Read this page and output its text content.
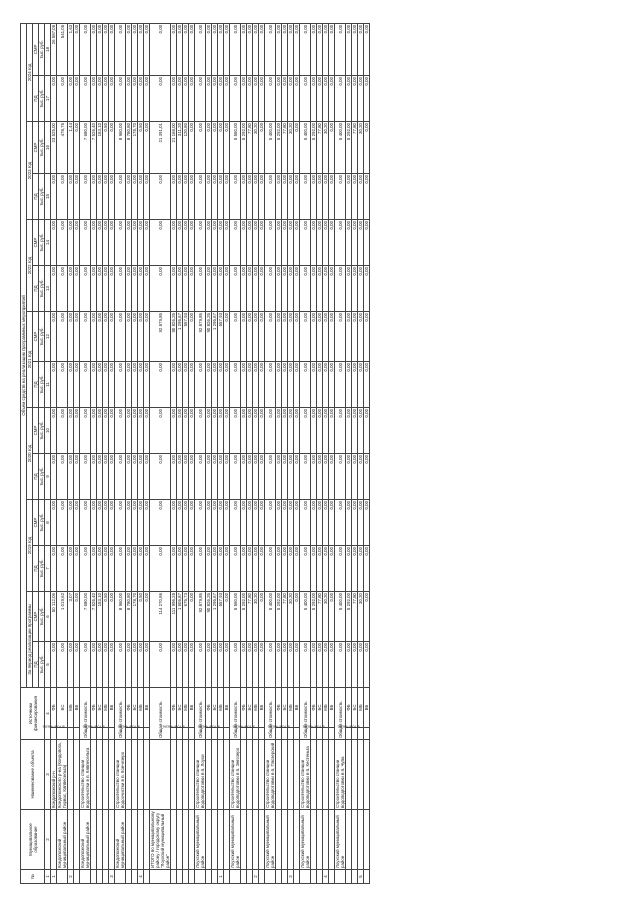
№	Муниципальное образование	Наименование объекта	Источники финансирования		Объем средств на реализацию программных мероприятий													
					За период реализации программы		2019 год		2020 год		2021 год		2022 год		2023 год		2024 год	
					ПД	СМР	ПД	СМР	ПД	СМР	ПД	СМР	ПД	СМР	ПД	СМР	ПД	СМР
					тыс. руб.	тыс. руб.	тыс. руб.	тыс. руб.	тыс. руб.	тыс. руб.	тыс. руб.	тыс. руб.	тыс. руб.	тыс. руб.	тыс. руб.	тыс. руб.	тыс. руб.	тыс. руб.
1	2	3	4		5	6	7	8	9	10	11	12	13	14	15	16	17	18
1		Кондопожский р-н	в том числе	ФБ	0,00	50 112,06	0,00	0,00	0,00	0,00	0,00	0,00	0,00	0,00	0,00	23 525,00	0,00	26 587,06
	Кондопожский муниципальный район	Кондопожского р-на (Кондопога, Гирвас, Кяппесельга)		БС	0,00	1 019,62	0,00	0,00	0,00	0,00	0,00	0,00	0,00	0,00	0,00	478,76	0,00	541,06
2				МБ	0,00	3,07	0,00	0,00	0,00	0,00	0,00	0,00	0,00	0,00	0,00	1,44	0,00	1,63
				ВБ	0,00	0,00	0,00	0,00	0,00	0,00	0,00	0,00	0,00	0,00	0,00	0,00	0,00	0,00
	Кондопожский муниципальный район	Строительство станции водоочистки в п. Кяппесельга	Общая стоимость		0,00	7 680,00	0,00	0,00	0,00	0,00	0,00	0,00	0,00	0,00	0,00	7 680,00	0,00	0,00
			в том числе	ФБ	0,00	7 526,40	0,00	0,00	0,00	0,00	0,00	0,00	0,00	0,00	0,00	7 526,40	0,00	0,00
				БС	0,00	153,10	0,00	0,00	0,00	0,00	0,00	0,00	0,00	0,00	0,00	153,10	0,00	0,00
				МБ	0,00	0,50	0,00	0,00	0,00	0,00	0,00	0,00	0,00	0,00	0,00	0,50	0,00	0,00
3				ВБ	0,00	0,00	0,00	0,00	0,00	0,00	0,00	0,00	0,00	0,00	0,00	0,00	0,00	0,00
	Кондопожский муниципальный район	Строительство станции водоочистки в п. Кончезеро	Общая стоимость		0,00	8 960,00	0,00	0,00	0,00	0,00	0,00	0,00	0,00	0,00	0,00	8 960,00	0,00	0,00
			в том числе	ФБ	0,00	8 780,80	0,00	0,00	0,00	0,00	0,00	0,00	0,00	0,00	0,00	8 780,80	0,00	0,00
				БС	0,00	178,70	0,00	0,00	0,00	0,00	0,00	0,00	0,00	0,00	0,00	178,70	0,00	0,00
4				МБ	0,00	0,50	0,00	0,00	0,00	0,00	0,00	0,00	0,00	0,00	0,00	0,50	0,00	0,00
				ВБ	0,00	0,00	0,00	0,00	0,00	0,00	0,00	0,00	0,00	0,00	0,00	0,00	0,00	0,00
	ИТОГО по муниципальному району / городскому округу "Лоухский муниципальный район"		Общая стоимость		0,00	114 270,86	0,00	0,00	0,00	0,00	0,00	92 879,85	0,00	0,00	0,00	21 391,01	0,00	0,00
			в том числе	ФБ	0,00	111 996,25	0,00	0,00	0,00	0,00	0,00	90 826,25	0,00	0,00	0,00	21 168,00	0,00	0,00
				БС	0,00	1 606,87	0,00	0,00	0,00	0,00	0,00	1 295,67	0,00	0,00	0,00	311,20	0,00	0,00
				МБ	0,00	675,73	0,00	0,00	0,00	0,00	0,00	557,93	0,00	0,00	0,00	120,80	0,00	0,00
				ВБ	0,00	0,00	0,00	0,00	0,00	0,00	0,00	0,00	0,00	0,00	0,00	0,00	0,00	0,00
	Лоухский муниципальный район	Строительство станции водоподготовки в п. Лоухи	Общая стоимость		0,00	92 879,85	0,00	0,00	0,00	0,00	0,00	92 879,85	0,00	0,00	0,00	0,00	0,00	0,00
			в том числе	ФБ	0,00	90 826,25	0,00	0,00	0,00	0,00	0,00	90 826,25	0,00	0,00	0,00	0,00	0,00	0,00
				БС	0,00	1 295,67	0,00	0,00	0,00	0,00	0,00	1 295,67	0,00	0,00	0,00	0,00	0,00	0,00
1				МБ	0,00	557,93	0,00	0,00	0,00	0,00	0,00	557,93	0,00	0,00	0,00	0,00	0,00	0,00
				ВБ	0,00	0,00	0,00	0,00	0,00	0,00	0,00	0,00	0,00	0,00	0,00	0,00	0,00	0,00
	Лоухский муниципальный район	Строительство станции водоподготовки в п. Энгозеро	Общая стоимость		0,00	5 560,00	0,00	0,00	0,00	0,00	0,00	0,00	0,00	0,00	0,00	5 560,00	0,00	0,00
			в том числе	ФБ	0,00	5 292,00	0,00	0,00	0,00	0,00	0,00	0,00	0,00	0,00	0,00	5 292,00	0,00	0,00
				БС	0,00	77,80	0,00	0,00	0,00	0,00	0,00	0,00	0,00	0,00	0,00	77,80	0,00	0,00
2				МБ	0,00	30,20	0,00	0,00	0,00	0,00	0,00	0,00	0,00	0,00	0,00	30,20	0,00	0,00
				ВБ	0,00	0,00	0,00	0,00	0,00	0,00	0,00	0,00	0,00	0,00	0,00	0,00	0,00	0,00
	Лоухский муниципальный район	Строительство станции водоподготовки в п. Пяозерский	Общая стоимость		0,00	5 400,00	0,00	0,00	0,00	0,00	0,00	0,00	0,00	0,00	0,00	5 400,00	0,00	0,00
			в том числе	ФБ	0,00	5 292,00	0,00	0,00	0,00	0,00	0,00	0,00	0,00	0,00	0,00	5 292,00	0,00	0,00
				БС	0,00	77,80	0,00	0,00	0,00	0,00	0,00	0,00	0,00	0,00	0,00	77,80	0,00	0,00
3				МБ	0,00	30,20	0,00	0,00	0,00	0,00	0,00	0,00	0,00	0,00	0,00	30,20	0,00	0,00
				ВБ	0,00	0,00	0,00	0,00	0,00	0,00	0,00	0,00	0,00	0,00	0,00	0,00	0,00	0,00
	Лоухский муниципальный район	Строительство станции водоподготовки в п. Кестеньга	Общая стоимость		0,00	5 400,00	0,00	0,00	0,00	0,00	0,00	0,00	0,00	0,00	0,00	5 400,00	0,00	0,00
			в том числе	ФБ	0,00	5 292,00	0,00	0,00	0,00	0,00	0,00	0,00	0,00	0,00	0,00	5 292,00	0,00	0,00
				БС	0,00	77,80	0,00	0,00	0,00	0,00	0,00	0,00	0,00	0,00	0,00	77,80	0,00	0,00
4				МБ	0,00	30,20	0,00	0,00	0,00	0,00	0,00	0,00	0,00	0,00	0,00	30,20	0,00	0,00
				ВБ	0,00	0,00	0,00	0,00	0,00	0,00	0,00	0,00	0,00	0,00	0,00	0,00	0,00	0,00
	Лоухский муниципальный район	Строительство станции водоподготовки в п. Чупа	Общая стоимость		0,00	5 400,00	0,00	0,00	0,00	0,00	0,00	0,00	0,00	0,00	0,00	5 400,00	0,00	0,00
			в том числе	ФБ	0,00	5 292,00	0,00	0,00	0,00	0,00	0,00	0,00	0,00	0,00	0,00	5 292,00	0,00	0,00
				БС	0,00	77,80	0,00	0,00	0,00	0,00	0,00	0,00	0,00	0,00	0,00	77,80	0,00	0,00
5				МБ	0,00	30,20	0,00	0,00	0,00	0,00	0,00	0,00	0,00	0,00	0,00	30,20	0,00	0,00
				ВБ	0,00	0,00	0,00	0,00	0,00	0,00	0,00	0,00	0,00	0,00	0,00	0,00	0,00	0,00
